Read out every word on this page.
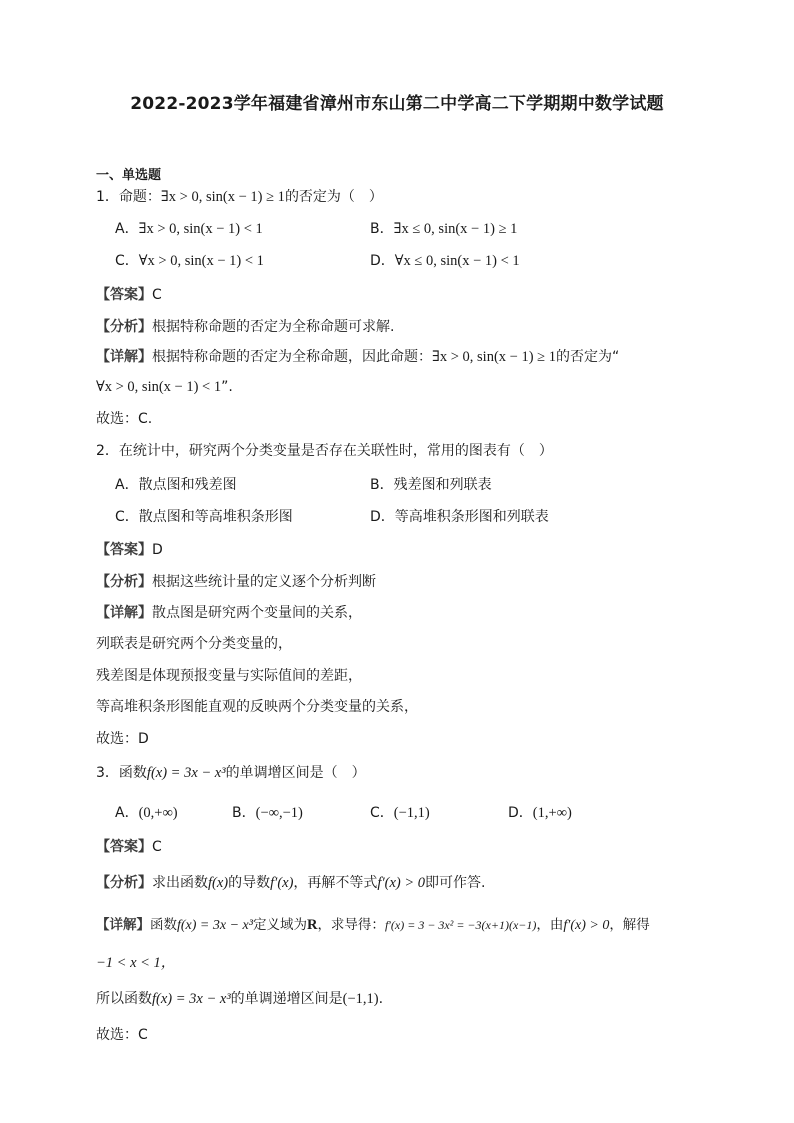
2022-2023学年福建省漳州市东山第二中学高二下学期期中数学试题
一、单选题
1．命题：∃x > 0, sin(x − 1) ≥ 1的否定为（　）
A．∃x > 0, sin(x − 1) < 1	B．∃x ≤ 0, sin(x − 1) ≥ 1
C．∀x > 0, sin(x − 1) < 1	D．∀x ≤ 0, sin(x − 1) < 1
【答案】C
【分析】根据特称命题的否定为全称命题可求解.
【详解】根据特称命题的否定为全称命题，因此命题：∃x > 0, sin(x − 1) ≥ 1的否定为“
∀x > 0, sin(x − 1) < 1”.
故选：C.
2．在统计中，研究两个分类变量是否存在关联性时，常用的图表有（　）
A．散点图和残差图	B．残差图和列联表
C．散点图和等高堆积条形图	D．等高堆积条形图和列联表
【答案】D
【分析】根据这些统计量的定义逐个分析判断
【详解】散点图是研究两个变量间的关系，
列联表是研究两个分类变量的，
残差图是体现预报变量与实际值间的差距，
等高堆积条形图能直观的反映两个分类变量的关系，
故选：D
3．函数f(x) = 3x − x³的单调增区间是（　）
A．(0,+∞)	B．(−∞,−1)	C．(−1,1)	D．(1,+∞)
【答案】C
【分析】求出函数f(x)的导数f′(x)，再解不等式f′(x) > 0即可作答.
【详解】函数f(x) = 3x − x³定义域为R，求导得：f′(x) = 3 − 3x² = −3(x+1)(x−1)，由f′(x) > 0，解得
−1 < x < 1，
所以函数f(x) = 3x − x³的单调递增区间是(−1,1).
故选：C
